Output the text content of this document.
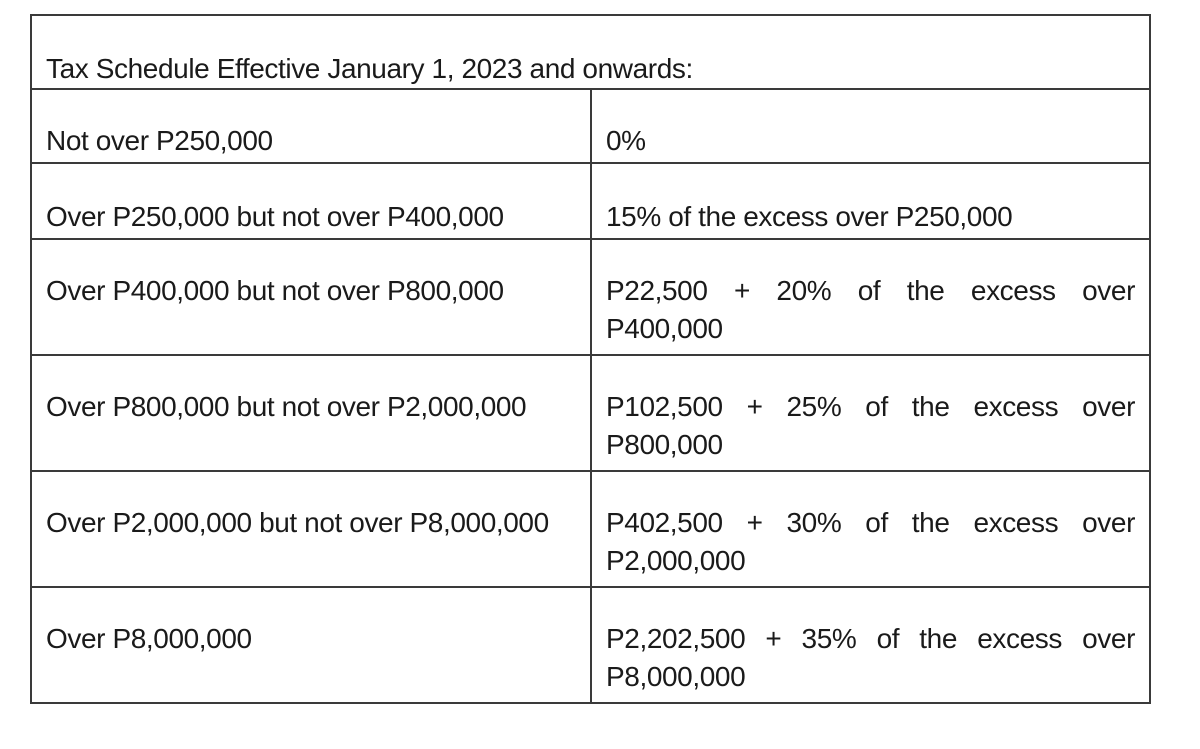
Tax Schedule Effective January 1, 2023 and onwards:	

Not over P250,000	0%

Over P250,000 but not over P400,000	15% of the excess over P250,000

Over P400,000 but not over P800,000	P22,500 + 20% of the excess over P400,000

Over P800,000 but not over P2,000,000	P102,500 + 25% of the excess over P800,000

Over P2,000,000 but not over P8,000,000	P402,500 + 30% of the excess over P2,000,000

Over P8,000,000	P2,202,500 + 35% of the excess over P8,000,000
